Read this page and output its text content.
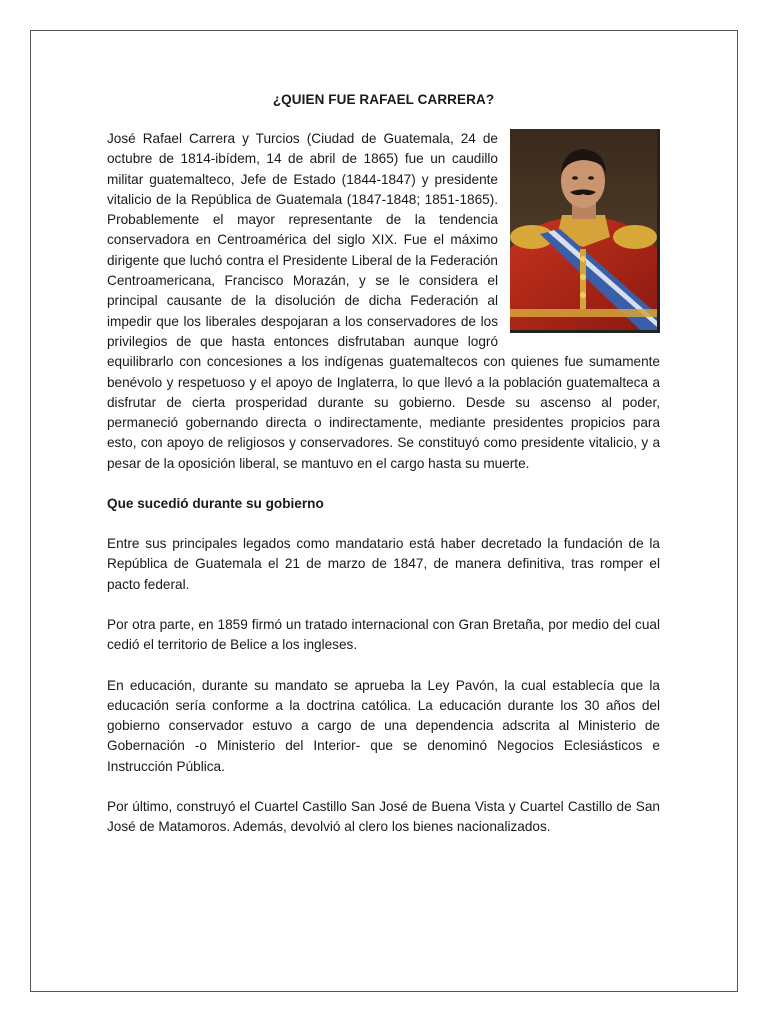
¿QUIEN FUE RAFAEL CARRERA?

José Rafael Carrera y Turcios (Ciudad de Guatemala, 24 de octubre de 1814-ibídem, 14 de abril de 1865) fue un caudillo militar guatemalteco, Jefe de Estado (1844-1847) y presidente vitalicio de la República de Guatemala (1847-1848; 1851-1865). Probablemente el mayor representante de la tendencia conservadora en Centroamérica del siglo XIX. Fue el máximo dirigente que luchó contra el Presidente Liberal de la Federación Centroamericana, Francisco Morazán, y se le considera el principal causante de la disolución de dicha Federación al impedir que los liberales despojaran a los conservadores de los privilegios de que hasta entonces disfrutaban aunque logró equilibrarlo con concesiones a los indígenas guatemaltecos con quienes fue sumamente benévolo y respetuoso y el apoyo de Inglaterra, lo que llevó a la población guatemalteca a disfrutar de cierta prosperidad durante su gobierno. Desde su ascenso al poder, permaneció gobernando directa o indirectamente, mediante presidentes propicios para esto, con apoyo de religiosos y conservadores. Se constituyó como presidente vitalicio, y a pesar de la oposición liberal, se mantuvo en el cargo hasta su muerte.

Que sucedió durante su gobierno

Entre sus principales legados como mandatario está haber decretado la fundación de la República de Guatemala el 21 de marzo de 1847, de manera definitiva, tras romper el pacto federal.

Por otra parte, en 1859 firmó un tratado internacional con Gran Bretaña, por medio del cual cedió el territorio de Belice a los ingleses.

En educación, durante su mandato se aprueba la Ley Pavón, la cual establecía que la educación sería conforme a la doctrina católica. La educación durante los 30 años del gobierno conservador estuvo a cargo de una dependencia adscrita al Ministerio de Gobernación -o Ministerio del Interior- que se denominó Negocios Eclesiásticos e Instrucción Pública.

Por último, construyó el Cuartel Castillo San José de Buena Vista y Cuartel Castillo de San José de Matamoros. Además, devolvió al clero los bienes nacionalizados.
